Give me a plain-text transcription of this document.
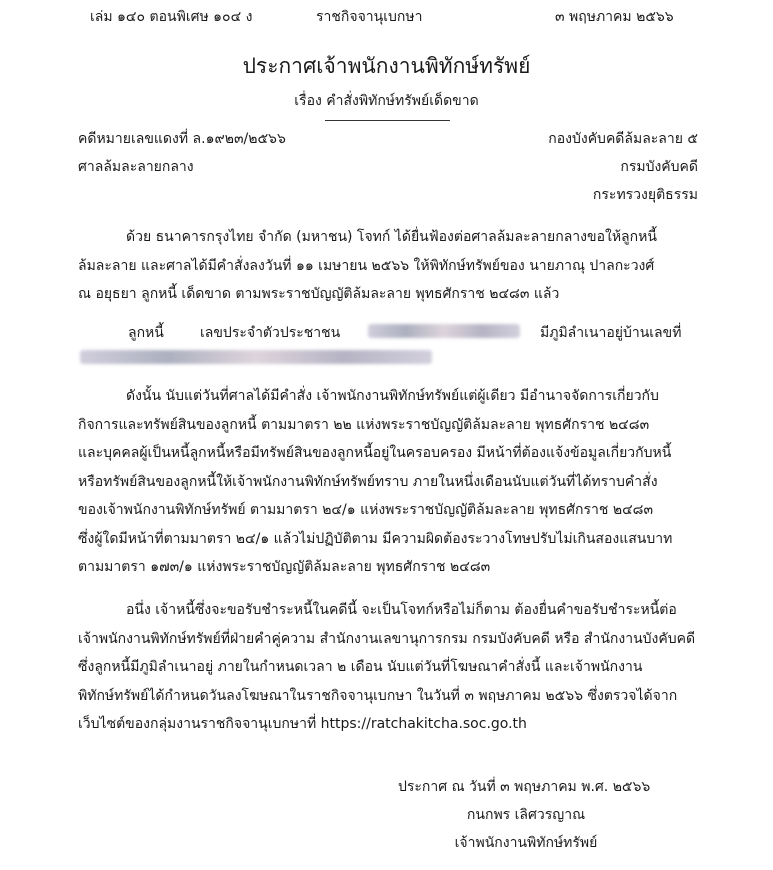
เล่ม ๑๔๐ ตอนพิเศษ ๑๐๔ ง	ราชกิจจานุเบกษา	๓ พฤษภาคม ๒๕๖๖
ประกาศเจ้าพนักงานพิทักษ์ทรัพย์
เรื่อง คำสั่งพิทักษ์ทรัพย์เด็ดขาด
คดีหมายเลขแดงที่ ล.๑๙๒๓/๒๕๖๖
ศาลล้มละลายกลาง
กองบังคับคดีล้มละลาย ๕
กรมบังคับคดี
กระทรวงยุติธรรม
ด้วย ธนาคารกรุงไทย จำกัด (มหาชน) โจทก์ ได้ยื่นฟ้องต่อศาลล้มละลายกลางขอให้ลูกหนี้
ล้มละลาย และศาลได้มีคำสั่งลงวันที่ ๑๑ เมษายน ๒๕๖๖ ให้พิทักษ์ทรัพย์ของ นายภาณุ ปาลกะวงศ์
ณ อยุธยา ลูกหนี้ เด็ดขาด ตามพระราชบัญญัติล้มละลาย พุทธศักราช ๒๔๘๓ แล้ว
ลูกหนี้	เลขประจำตัวประชาชน	มีภูมิลำเนาอยู่บ้านเลขที่
ดังนั้น นับแต่วันที่ศาลได้มีคำสั่ง เจ้าพนักงานพิทักษ์ทรัพย์แต่ผู้เดียว มีอำนาจจัดการเกี่ยวกับ
กิจการและทรัพย์สินของลูกหนี้ ตามมาตรา ๒๒ แห่งพระราชบัญญัติล้มละลาย พุทธศักราช ๒๔๘๓
และบุคคลผู้เป็นหนี้ลูกหนี้หรือมีทรัพย์สินของลูกหนี้อยู่ในครอบครอง มีหน้าที่ต้องแจ้งข้อมูลเกี่ยวกับหนี้
หรือทรัพย์สินของลูกหนี้ให้เจ้าพนักงานพิทักษ์ทรัพย์ทราบ ภายในหนึ่งเดือนนับแต่วันที่ได้ทราบคำสั่ง
ของเจ้าพนักงานพิทักษ์ทรัพย์ ตามมาตรา ๒๔/๑ แห่งพระราชบัญญัติล้มละลาย พุทธศักราช ๒๔๘๓
ซึ่งผู้ใดมีหน้าที่ตามมาตรา ๒๔/๑ แล้วไม่ปฏิบัติตาม มีความผิดต้องระวางโทษปรับไม่เกินสองแสนบาท
ตามมาตรา ๑๗๓/๑ แห่งพระราชบัญญัติล้มละลาย พุทธศักราช ๒๔๘๓
อนึ่ง เจ้าหนี้ซึ่งจะขอรับชำระหนี้ในคดีนี้ จะเป็นโจทก์หรือไม่ก็ตาม ต้องยื่นคำขอรับชำระหนี้ต่อ
เจ้าพนักงานพิทักษ์ทรัพย์ที่ฝ่ายคำคู่ความ สำนักงานเลขานุการกรม กรมบังคับคดี หรือ สำนักงานบังคับคดี
ซึ่งลูกหนี้มีภูมิลำเนาอยู่ ภายในกำหนดเวลา ๒ เดือน นับแต่วันที่โฆษณาคำสั่งนี้ และเจ้าพนักงาน
พิทักษ์ทรัพย์ได้กำหนดวันลงโฆษณาในราชกิจจานุเบกษา ในวันที่ ๓ พฤษภาคม ๒๕๖๖ ซึ่งตรวจได้จาก
เว็บไซต์ของกลุ่มงานราชกิจจานุเบกษาที่ https://ratchakitcha.soc.go.th
ประกาศ ณ วันที่ ๓ พฤษภาคม พ.ศ. ๒๕๖๖
กนกพร เลิศวรญาณ
เจ้าพนักงานพิทักษ์ทรัพย์
